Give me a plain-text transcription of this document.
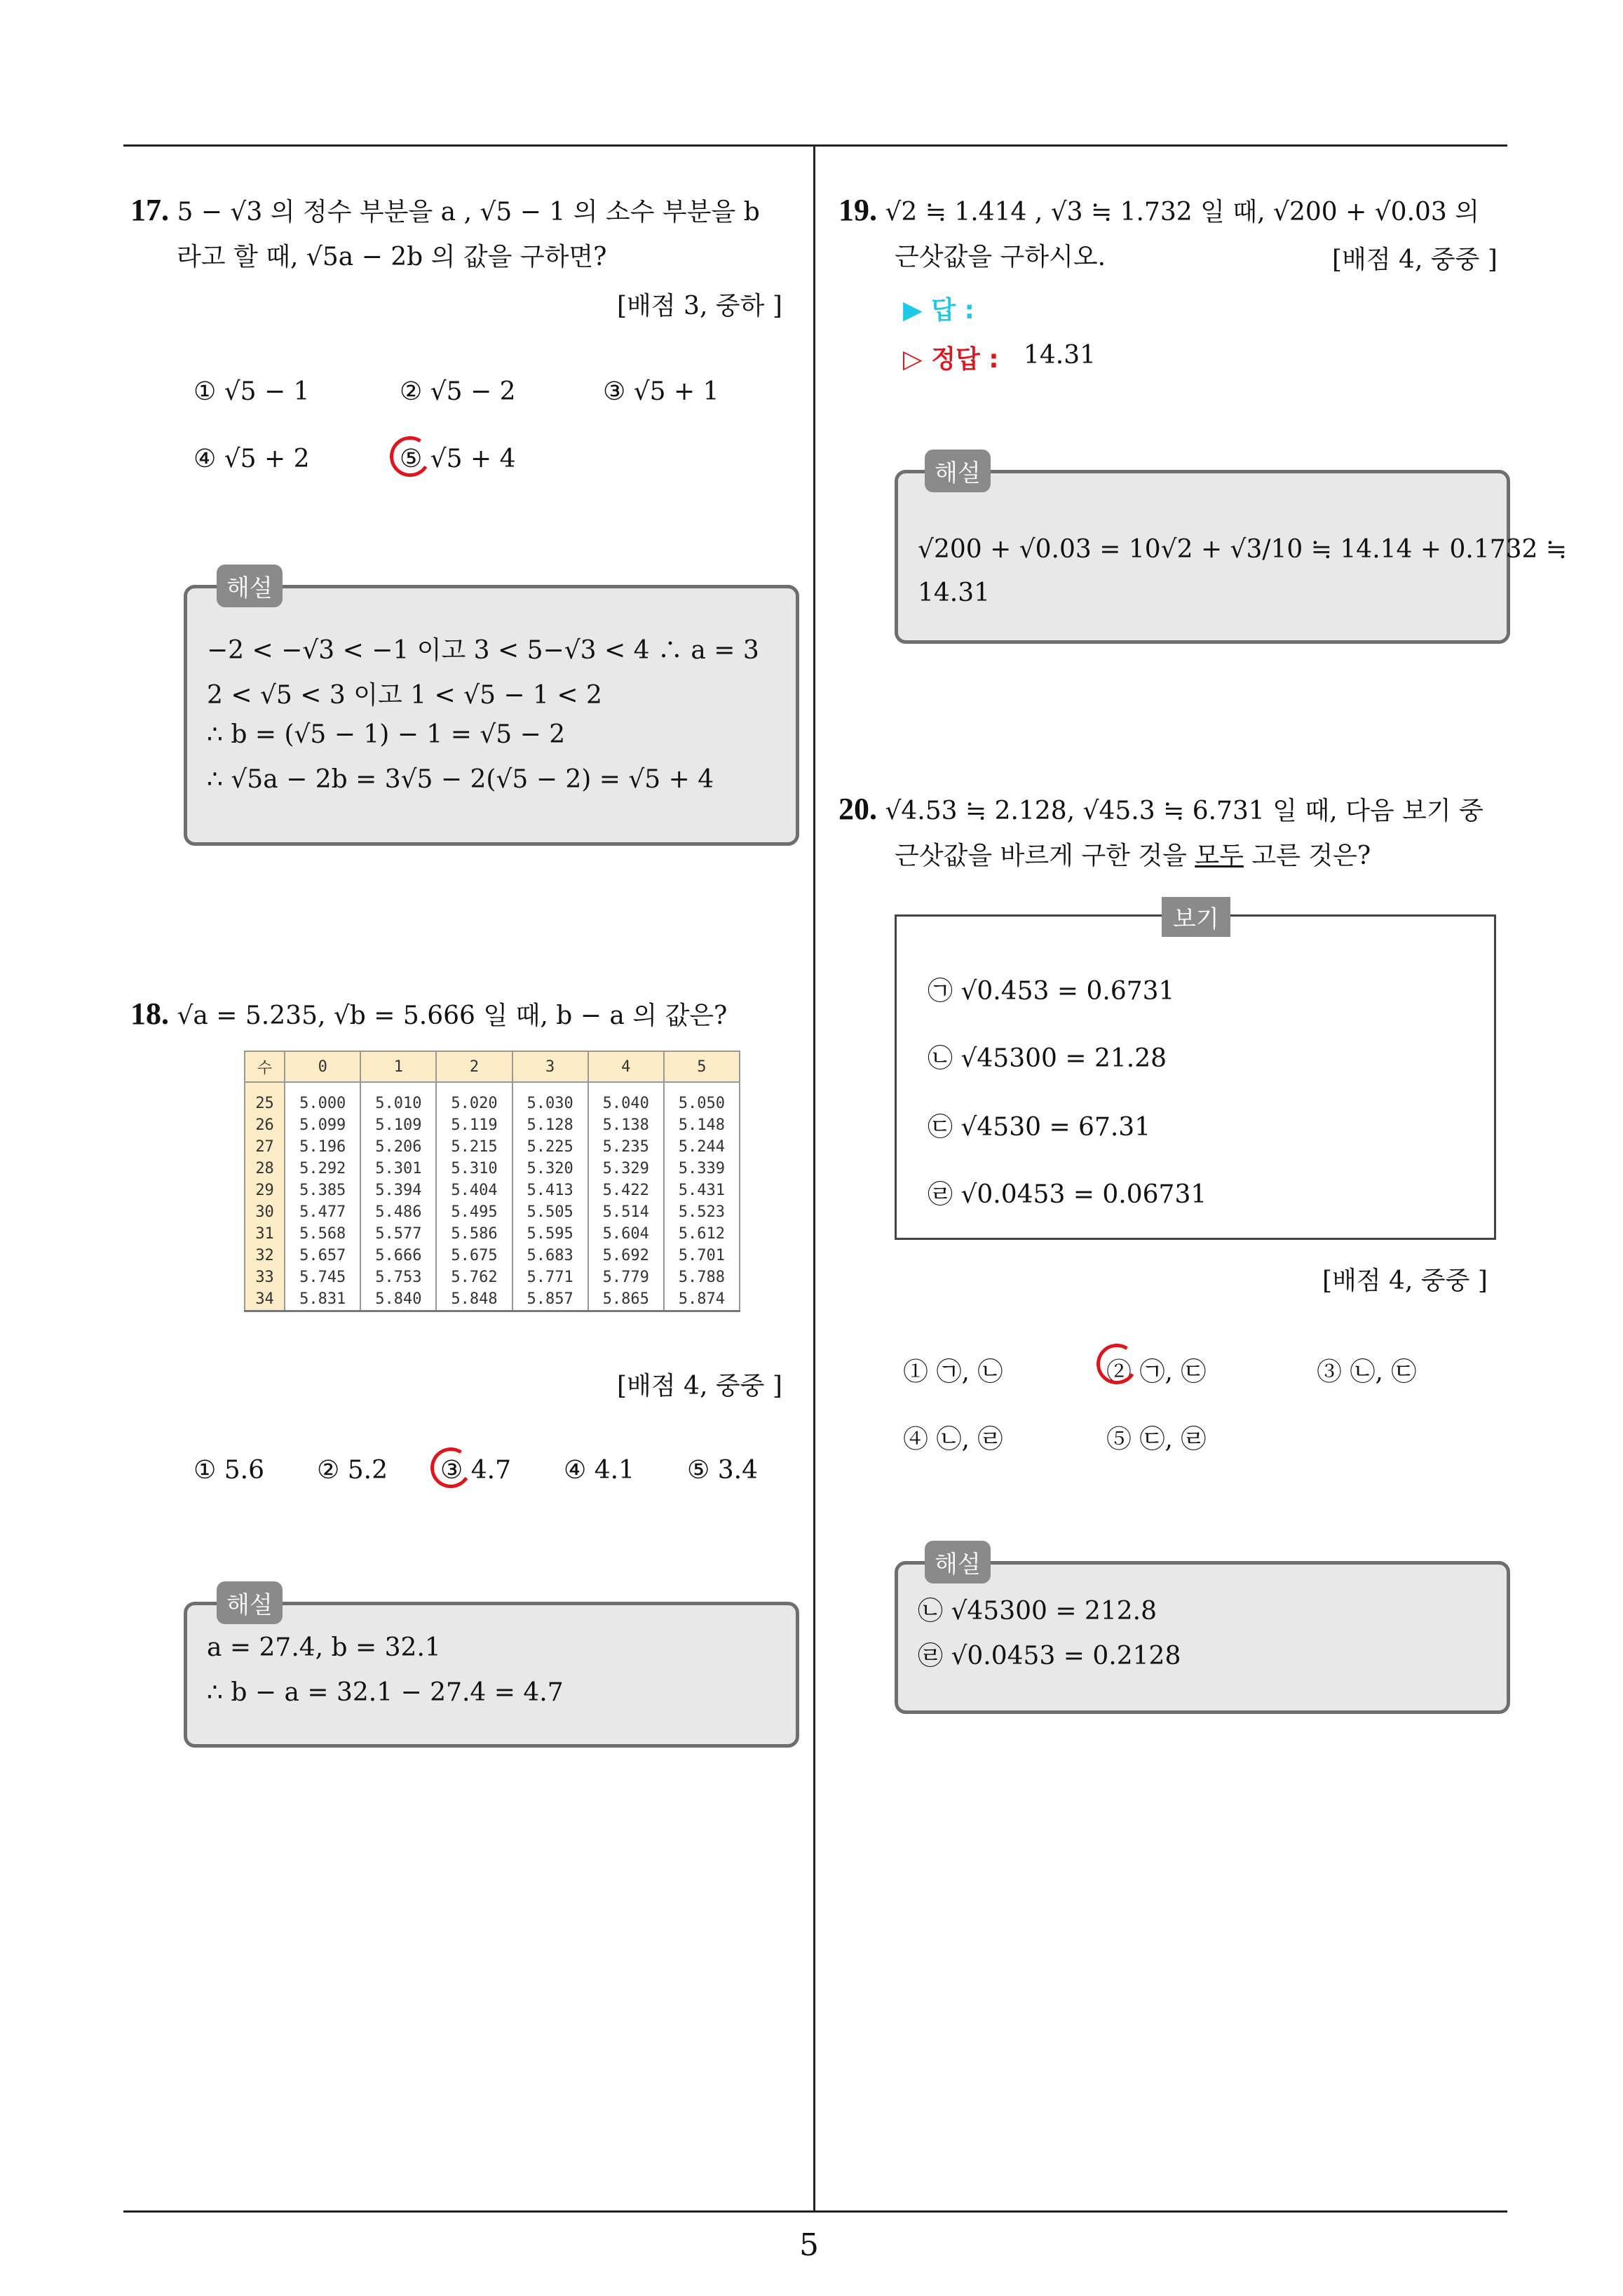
17. 5 − √3 의 정수 부분을 a , √5 − 1 의 소수 부분을 b
라고 할 때, √5a − 2b 의 값을 구하면?
[배점 3, 중하 ]
① √5 − 1	② √5 − 2	③ √5 + 1
④ √5 + 2	⑤ √5 + 4
해설
−2 < −√3 < −1 이고 3 < 5−√3 < 4 ∴ a = 3
2 < √5 < 3 이고 1 < √5 − 1 < 2
∴ b = (√5 − 1) − 1 = √5 − 2
∴ √5a − 2b = 3√5 − 2(√5 − 2) = √5 + 4
18. √a = 5.235, √b = 5.666 일 때, b − a 의 값은?
수	0	1	2	3	4	5
25	5.000	5.010	5.020	5.030	5.040	5.050
26	5.099	5.109	5.119	5.128	5.138	5.148
27	5.196	5.206	5.215	5.225	5.235	5.244
28	5.292	5.301	5.310	5.320	5.329	5.339
29	5.385	5.394	5.404	5.413	5.422	5.431
30	5.477	5.486	5.495	5.505	5.514	5.523
31	5.568	5.577	5.586	5.595	5.604	5.612
32	5.657	5.666	5.675	5.683	5.692	5.701
33	5.745	5.753	5.762	5.771	5.779	5.788
34	5.831	5.840	5.848	5.857	5.865	5.874
[배점 4, 중중 ]
① 5.6 ② 5.2 ③ 4.7 ④ 4.1 ⑤ 3.4
해설
a = 27.4, b = 32.1
∴ b − a = 32.1 − 27.4 = 4.7
19. √2 ≒ 1.414 , √3 ≒ 1.732 일 때, √200 + √0.03 의
근삿값을 구하시오.	[배점 4, 중중 ]
▶ 답 :
▷ 정답 : 14.31
해설
√200 + √0.03 = 10√2 + √3/10 ≒ 14.14 + 0.1732 ≒
14.31
20. √4.53 ≒ 2.128, √45.3 ≒ 6.731 일 때, 다음 보기 중
근삿값을 바르게 구한 것을 모두 고른 것은?
보기
㉠ √0.453 = 0.6731
㉡ √45300 = 21.28
㉢ √4530 = 67.31
㉣ √0.0453 = 0.06731
[배점 4, 중중 ]
① ㉠, ㉡	② ㉠, ㉢	③ ㉡, ㉢
④ ㉡, ㉣	⑤ ㉢, ㉣
해설
㉡ √45300 = 212.8
㉣ √0.0453 = 0.2128
5
